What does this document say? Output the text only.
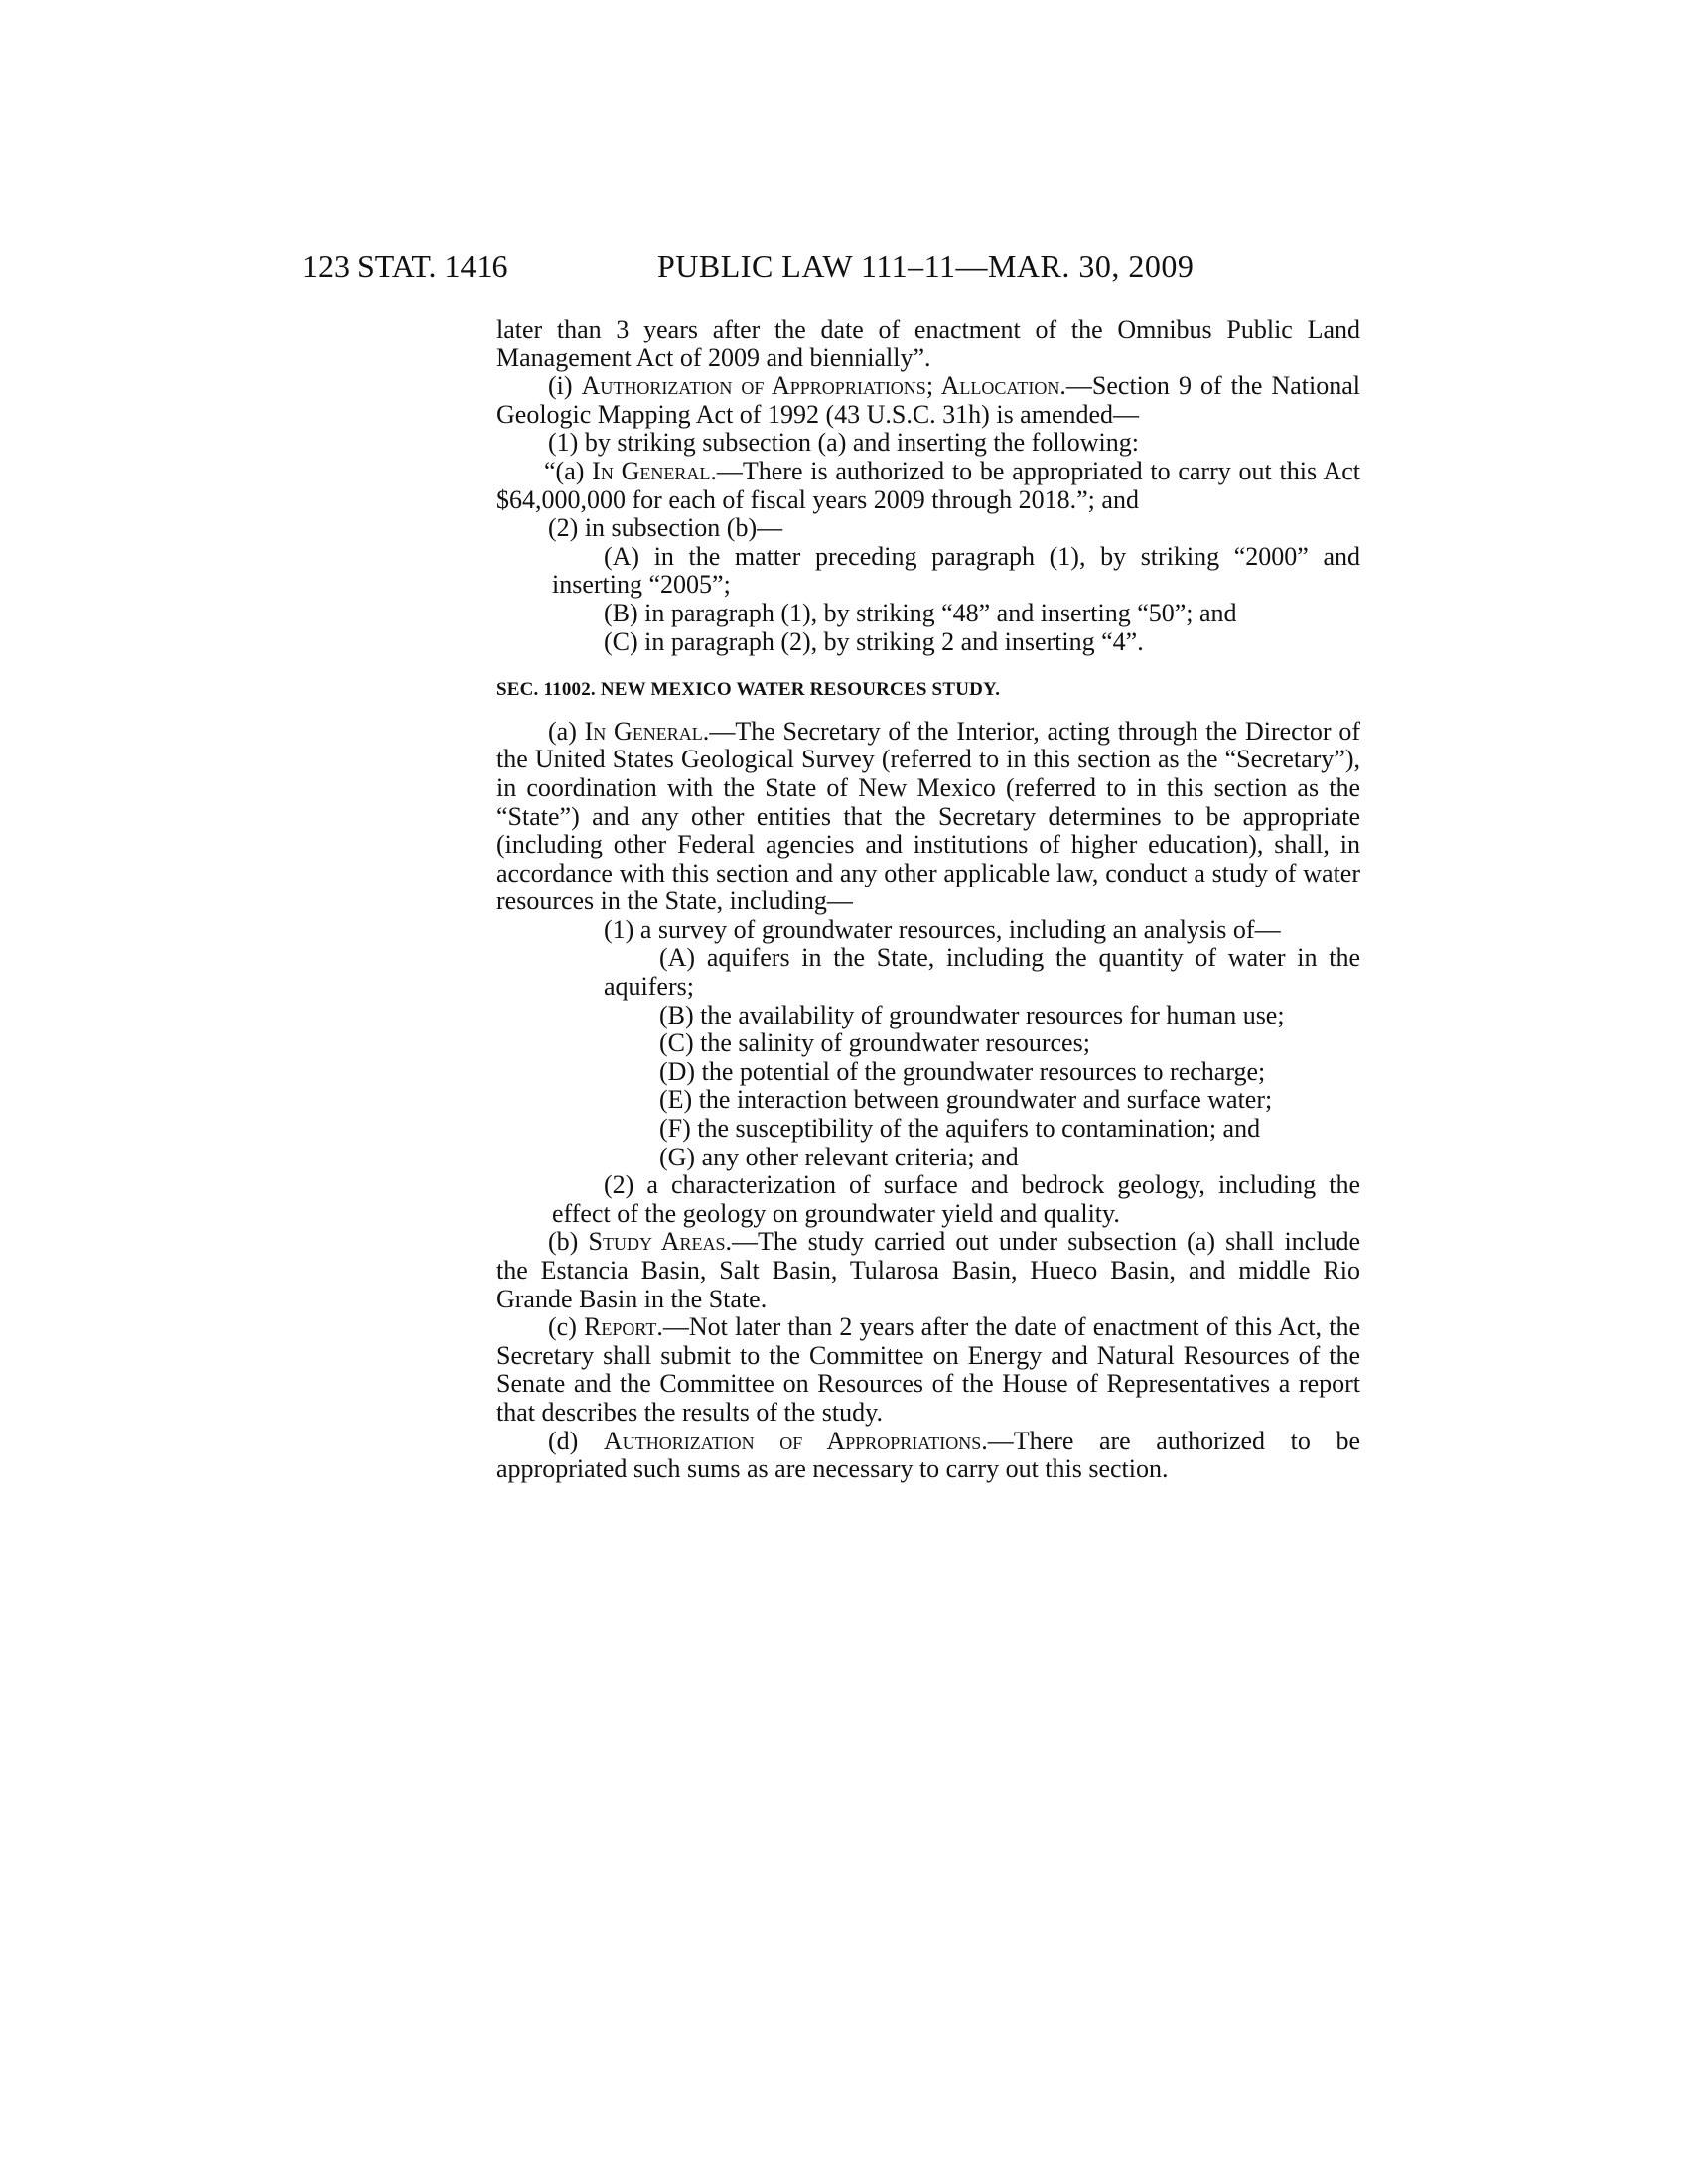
123 STAT. 1416	PUBLIC LAW 111–11—MAR. 30, 2009

later than 3 years after the date of enactment of the Omnibus Public Land Management Act of 2009 and biennially”.

(i) Authorization of Appropriations; Allocation.—Section 9 of the National Geologic Mapping Act of 1992 (43 U.S.C. 31h) is amended—

(1) by striking subsection (a) and inserting the following:

“(a) In General.—There is authorized to be appropriated to carry out this Act $64,000,000 for each of fiscal years 2009 through 2018.”; and

(2) in subsection (b)—

(A) in the matter preceding paragraph (1), by striking “2000” and inserting “2005”;

(B) in paragraph (1), by striking “48” and inserting “50”; and

(C) in paragraph (2), by striking 2 and inserting “4”.

SEC. 11002. NEW MEXICO WATER RESOURCES STUDY.

(a) In General.—The Secretary of the Interior, acting through the Director of the United States Geological Survey (referred to in this section as the “Secretary”), in coordination with the State of New Mexico (referred to in this section as the “State”) and any other entities that the Secretary determines to be appropriate (including other Federal agencies and institutions of higher education), shall, in accordance with this section and any other applicable law, conduct a study of water resources in the State, including—

(1) a survey of groundwater resources, including an analysis of—

(A) aquifers in the State, including the quantity of water in the aquifers;

(B) the availability of groundwater resources for human use;

(C) the salinity of groundwater resources;

(D) the potential of the groundwater resources to recharge;

(E) the interaction between groundwater and surface water;

(F) the susceptibility of the aquifers to contamination; and

(G) any other relevant criteria; and

(2) a characterization of surface and bedrock geology, including the effect of the geology on groundwater yield and quality.

(b) Study Areas.—The study carried out under subsection (a) shall include the Estancia Basin, Salt Basin, Tularosa Basin, Hueco Basin, and middle Rio Grande Basin in the State.

(c) Report.—Not later than 2 years after the date of enactment of this Act, the Secretary shall submit to the Committee on Energy and Natural Resources of the Senate and the Committee on Resources of the House of Representatives a report that describes the results of the study.

(d) Authorization of Appropriations.—There are authorized to be appropriated such sums as are necessary to carry out this section.
